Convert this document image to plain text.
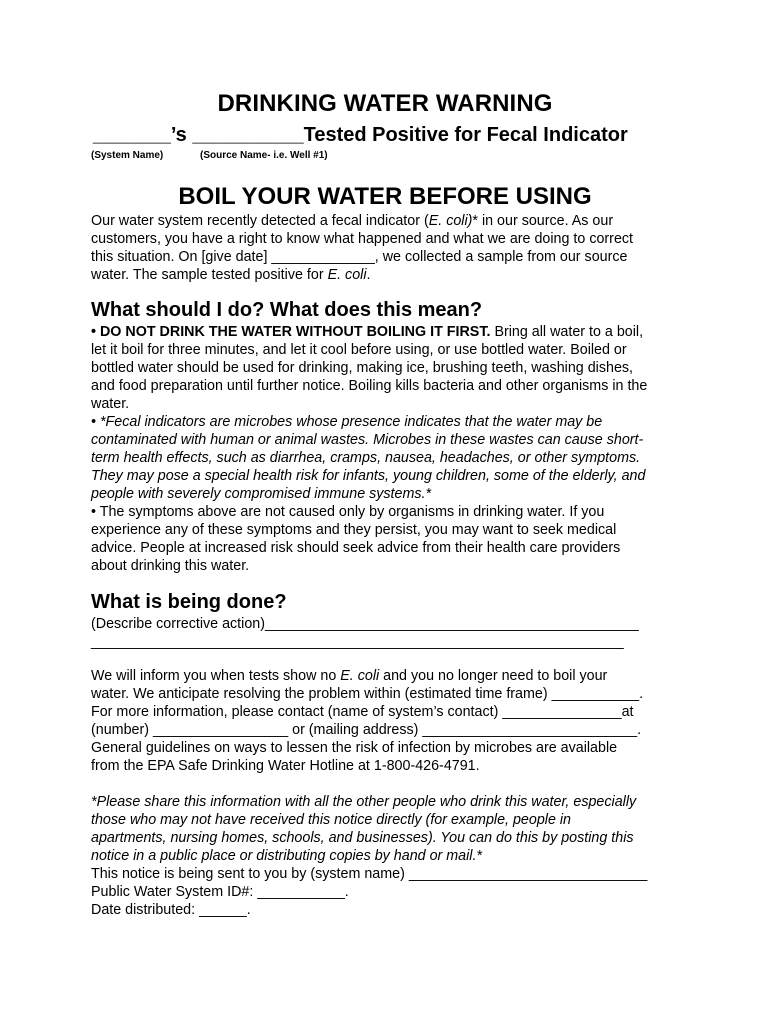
DRINKING WATER WARNING
_______’s __________Tested Positive for Fecal Indicator
(System Name)	(Source Name- i.e. Well #1)
BOIL YOUR WATER BEFORE USING
Our water system recently detected a fecal indicator (E. coli)* in our source. As our
customers, you have a right to know what happened and what we are doing to correct
this situation. On [give date] _____________, we collected a sample from our source
water. The sample tested positive for E. coli.
What should I do? What does this mean?
• DO NOT DRINK THE WATER WITHOUT BOILING IT FIRST. Bring all water to a boil,
let it boil for three minutes, and let it cool before using, or use bottled water. Boiled or
bottled water should be used for drinking, making ice, brushing teeth, washing dishes,
and food preparation until further notice. Boiling kills bacteria and other organisms in the
water.
• *Fecal indicators are microbes whose presence indicates that the water may be
contaminated with human or animal wastes. Microbes in these wastes can cause short-
term health effects, such as diarrhea, cramps, nausea, headaches, or other symptoms.
They may pose a special health risk for infants, young children, some of the elderly, and
people with severely compromised immune systems.*
• The symptoms above are not caused only by organisms in drinking water. If you
experience any of these symptoms and they persist, you may want to seek medical
advice. People at increased risk should seek advice from their health care providers
about drinking this water.
What is being done?
(Describe corrective action)_______________________________________________
___________________________________________________________________
We will inform you when tests show no E. coli and you no longer need to boil your
water. We anticipate resolving the problem within (estimated time frame) ___________.
For more information, please contact (name of system’s contact) _______________at
(number) _________________ or (mailing address) ___________________________.
General guidelines on ways to lessen the risk of infection by microbes are available
from the EPA Safe Drinking Water Hotline at 1-800-426-4791.
*Please share this information with all the other people who drink this water, especially
those who may not have received this notice directly (for example, people in
apartments, nursing homes, schools, and businesses). You can do this by posting this
notice in a public place or distributing copies by hand or mail.*
This notice is being sent to you by (system name) ______________________________
Public Water System ID#: ___________.
Date distributed: ______.
